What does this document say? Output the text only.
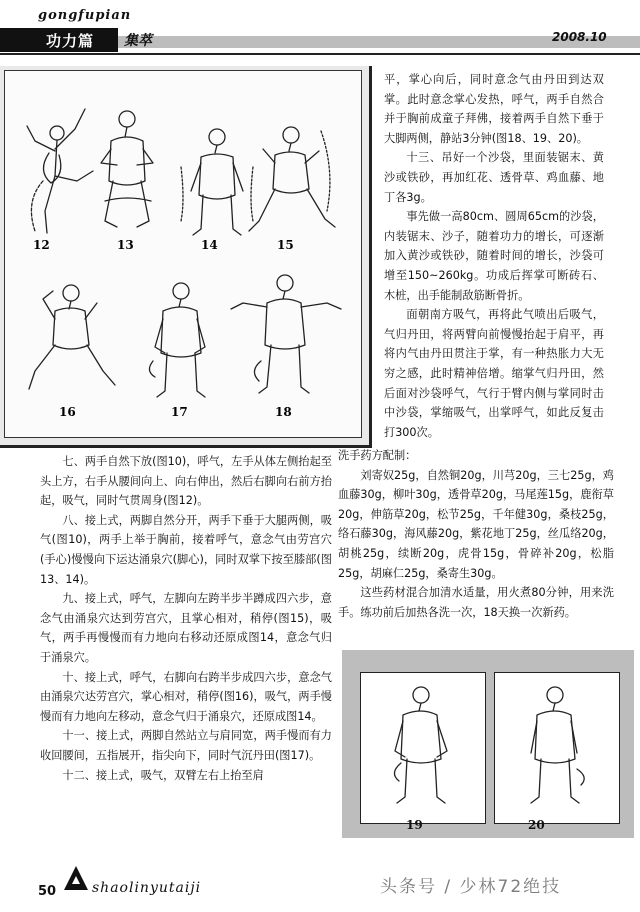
gongfupian
功力篇 集萃	2008.10
12	13	14	15
16	17	18

七、两手自然下放(图10)，呼气，左手从体左侧抬起至头上方，右手从腰间向上、向右伸出，然后右脚向右前方抬起，吸气，同时气贯周身(图12)。

八、接上式，两脚自然分开，两手下垂于大腿两侧，吸气(图10)，两手上举于胸前，接着呼气，意念气由劳宫穴(手心)慢慢向下运达涌泉穴(脚心)，同时双掌下按至膝部(图13、14)。

九、接上式，呼气，左脚向左跨半步半蹲成四六步，意念气由涌泉穴达到劳宫穴，且掌心相对，稍停(图15)，吸气，两手再慢慢而有力地向右移动还原成图14，意念气归于涌泉穴。

十、接上式，呼气，右脚向右跨半步成四六步，意念气由涌泉穴达劳宫穴，掌心相对，稍停(图16)，吸气，两手慢慢而有力地向左移动，意念气归于涌泉穴，还原成图14。

十一、接上式，两脚自然站立与肩同宽，两手慢而有力收回腰间，五指展开，指尖向下，同时气沉丹田(图17)。

十二、接上式，吸气，双臂左右上抬至肩

平，掌心向后，同时意念气由丹田到达双掌。此时意念掌心发热，呼气，两手自然合并于胸前成童子拜佛，接着两手自然下垂于大脚两侧，静站3分钟(图18、19、20)。

十三、吊好一个沙袋，里面装锯末、黄沙或铁砂，再加红花、透骨草、鸡血藤、地丁各3g。

事先做一高80cm、圆周65cm的沙袋，内装锯末、沙子，随着功力的增长，可逐渐加入黄沙或铁砂，随着时间的增长，沙袋可增至150~260kg。功成后挥掌可断砖石、木桩，出手能制敌筋断骨折。

面朝南方吸气，再将此气喷出后吸气，气归丹田，将两臂向前慢慢抬起于肩平，再将内气由丹田贯注于掌，有一种热胀力大无穷之感，此时精神倍增。缩掌气归丹田，然后面对沙袋呼气，气行于臂内侧与掌同时击中沙袋，掌缩吸气，出掌呼气，如此反复击打300次。

洗手药方配制：

刘寄奴25g，自然铜20g，川芎20g，三七25g，鸡血藤30g，柳叶30g，透骨草20g，马尾莲15g，鹿衔草20g，伸筋草20g，松节25g，千年健30g，桑枝25g，络石藤30g，海风藤20g，紫花地丁25g，丝瓜络20g，胡桃25g，续断20g，虎骨15g，骨碎补20g，松脂25g，胡麻仁25g，桑寄生30g。

这些药材混合加清水适量，用火煮80分钟，用来洗手。练功前后加热各洗一次，18天换一次新药。

19	20
50	shaolinyutaiji	头条号 / 少林72绝技
